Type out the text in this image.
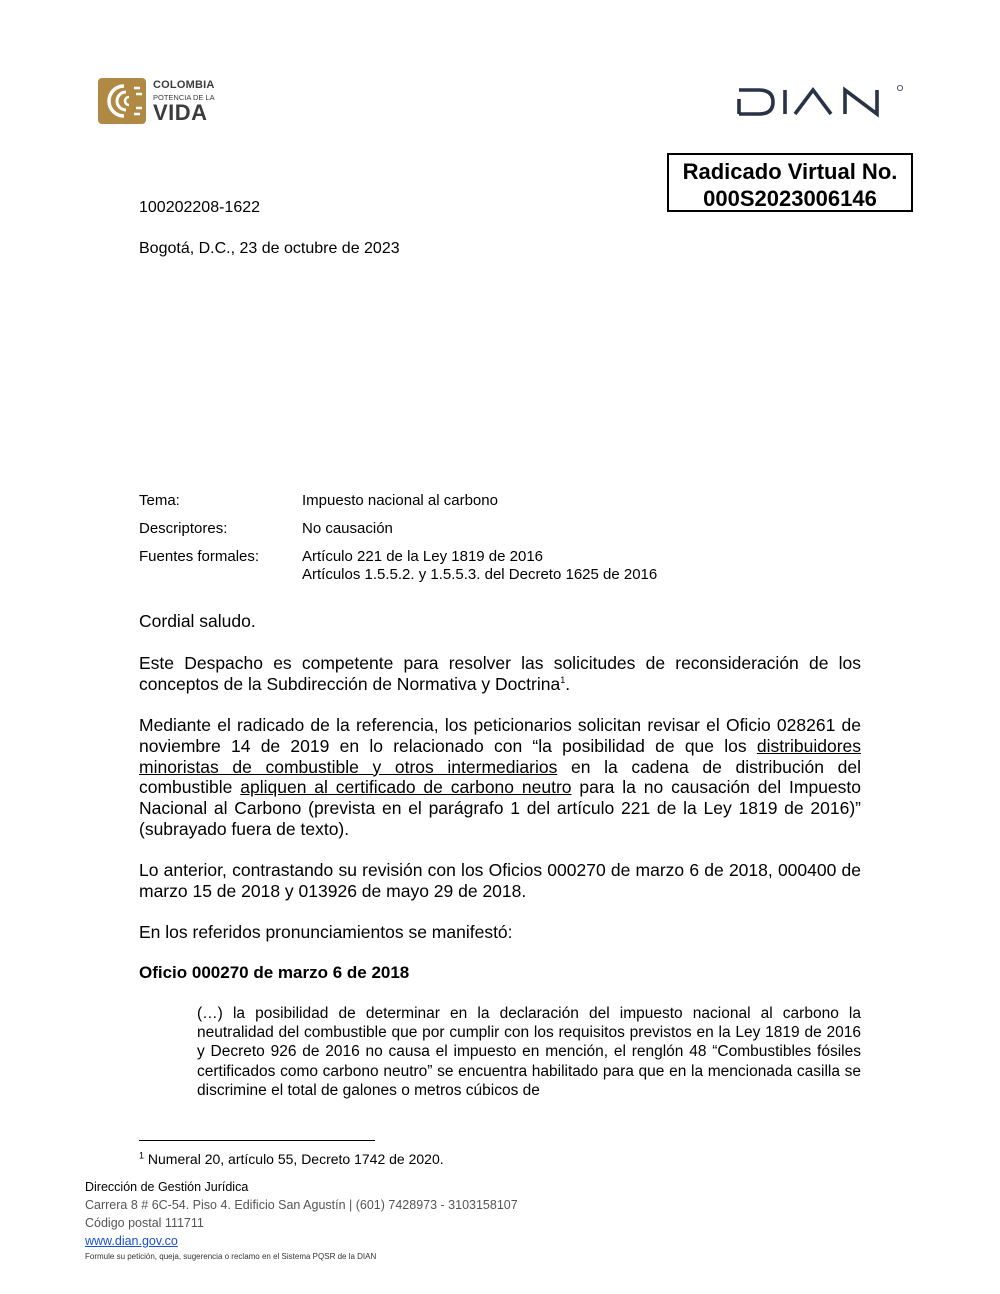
COLOMBIA
POTENCIA DE LA
VIDA
Radicado Virtual No.
000S2023006146
100202208-1622
Bogotá, D.C., 23 de octubre de 2023
Tema:	Impuesto nacional al carbono
Descriptores:	No causación
Fuentes formales:	Artículo 221 de la Ley 1819 de 2016
Artículos 1.5.5.2. y 1.5.5.3. del Decreto 1625 de 2016
Cordial saludo.
Este Despacho es competente para resolver las solicitudes de reconsideración de los conceptos de la Subdirección de Normativa y Doctrina$^1$.
Mediante el radicado de la referencia, los peticionarios solicitan revisar el Oficio 028261 de noviembre 14 de 2019 en lo relacionado con “la posibilidad de que los distribuidores minoristas de combustible y otros intermediarios en la cadena de distribución del combustible apliquen al certificado de carbono neutro para la no causación del Impuesto Nacional al Carbono (prevista en el parágrafo 1 del artículo 221 de la Ley 1819 de 2016)” (subrayado fuera de texto).
Lo anterior, contrastando su revisión con los Oficios 000270 de marzo 6 de 2018, 000400 de marzo 15 de 2018 y 013926 de mayo 29 de 2018.
En los referidos pronunciamientos se manifestó:
Oficio 000270 de marzo 6 de 2018
(…) la posibilidad de determinar en la declaración del impuesto nacional al carbono la neutralidad del combustible que por cumplir con los requisitos previstos en la Ley 1819 de 2016 y Decreto 926 de 2016 no causa el impuesto en mención, el renglón 48 “Combustibles fósiles certificados como carbono neutro” se encuentra habilitado para que en la mencionada casilla se discrimine el total de galones o metros cúbicos de
$^1$ Numeral 20, artículo 55, Decreto 1742 de 2020.
Dirección de Gestión Jurídica
Carrera 8 # 6C-54. Piso 4. Edificio San Agustín | (601) 7428973 - 3103158107
Código postal 111711
www.dian.gov.co
Formule su petición, queja, sugerencia o reclamo en el Sistema PQSR de la DIAN
